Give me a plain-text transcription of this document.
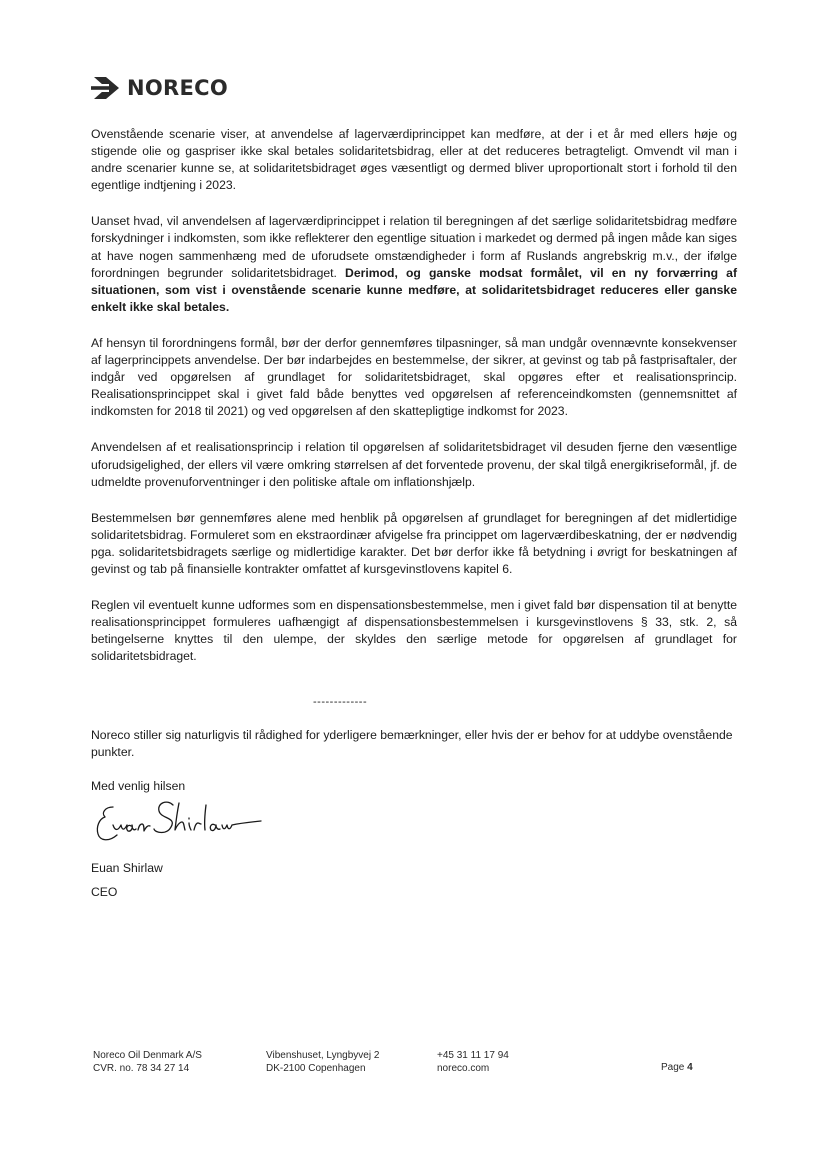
NORECO

Ovenstående scenarie viser, at anvendelse af lagerværdiprincippet kan medføre, at der i et år med ellers høje og stigende olie og gaspriser ikke skal betales solidaritetsbidrag, eller at det reduceres betragteligt. Omvendt vil man i andre scenarier kunne se, at solidaritetsbidraget øges væsentligt og dermed bliver uproportionalt stort i forhold til den egentlige indtjening i 2023.

Uanset hvad, vil anvendelsen af lagerværdiprincippet i relation til beregningen af det særlige solidaritetsbidrag medføre forskydninger i indkomsten, som ikke reflekterer den egentlige situation i markedet og dermed på ingen måde kan siges at have nogen sammenhæng med de uforudsete omstændigheder i form af Ruslands angrebskrig m.v., der ifølge forordningen begrunder solidaritetsbidraget. Derimod, og ganske modsat formålet, vil en ny forværring af situationen, som vist i ovenstående scenarie kunne medføre, at solidaritetsbidraget reduceres eller ganske enkelt ikke skal betales.

Af hensyn til forordningens formål, bør der derfor gennemføres tilpasninger, så man undgår ovennævnte konsekvenser af lagerprincippets anvendelse. Der bør indarbejdes en bestemmelse, der sikrer, at gevinst og tab på fastprisaftaler, der indgår ved opgørelsen af grundlaget for solidaritetsbidraget, skal opgøres efter et realisationsprincip. Realisationsprincippet skal i givet fald både benyttes ved opgørelsen af referenceindkomsten (gennemsnittet af indkomsten for 2018 til 2021) og ved opgørelsen af den skattepligtige indkomst for 2023.

Anvendelsen af et realisationsprincip i relation til opgørelsen af solidaritetsbidraget vil desuden fjerne den væsentlige uforudsigelighed, der ellers vil være omkring størrelsen af det forventede provenu, der skal tilgå energikriseformål, jf. de udmeldte provenuforventninger i den politiske aftale om inflationshjælp.

Bestemmelsen bør gennemføres alene med henblik på opgørelsen af grundlaget for beregningen af det midlertidige solidaritetsbidrag. Formuleret som en ekstraordinær afvigelse fra princippet om lagerværdibeskatning, der er nødvendig pga. solidaritetsbidragets særlige og midlertidige karakter. Det bør derfor ikke få betydning i øvrigt for beskatningen af gevinst og tab på finansielle kontrakter omfattet af kursgevinstlovens kapitel 6.

Reglen vil eventuelt kunne udformes som en dispensationsbestemmelse, men i givet fald bør dispensation til at benytte realisationsprincippet formuleres uafhængigt af dispensationsbestemmelsen i kursgevinstlovens § 33, stk. 2, så betingelserne knyttes til den ulempe, der skyldes den særlige metode for opgørelsen af grundlaget for solidaritetsbidraget.

-------------
Noreco stiller sig naturligvis til rådighed for yderligere bemærkninger, eller hvis der er behov for at uddybe ovenstående punkter.
Med venlig hilsen
Euan Shirlaw
CEO
Noreco Oil Denmark A/S
CVR. no. 78 34 27 14
Vibenshuset, Lyngbyvej 2
DK-2100 Copenhagen
+45 31 11 17 94
noreco.com	Page 4
